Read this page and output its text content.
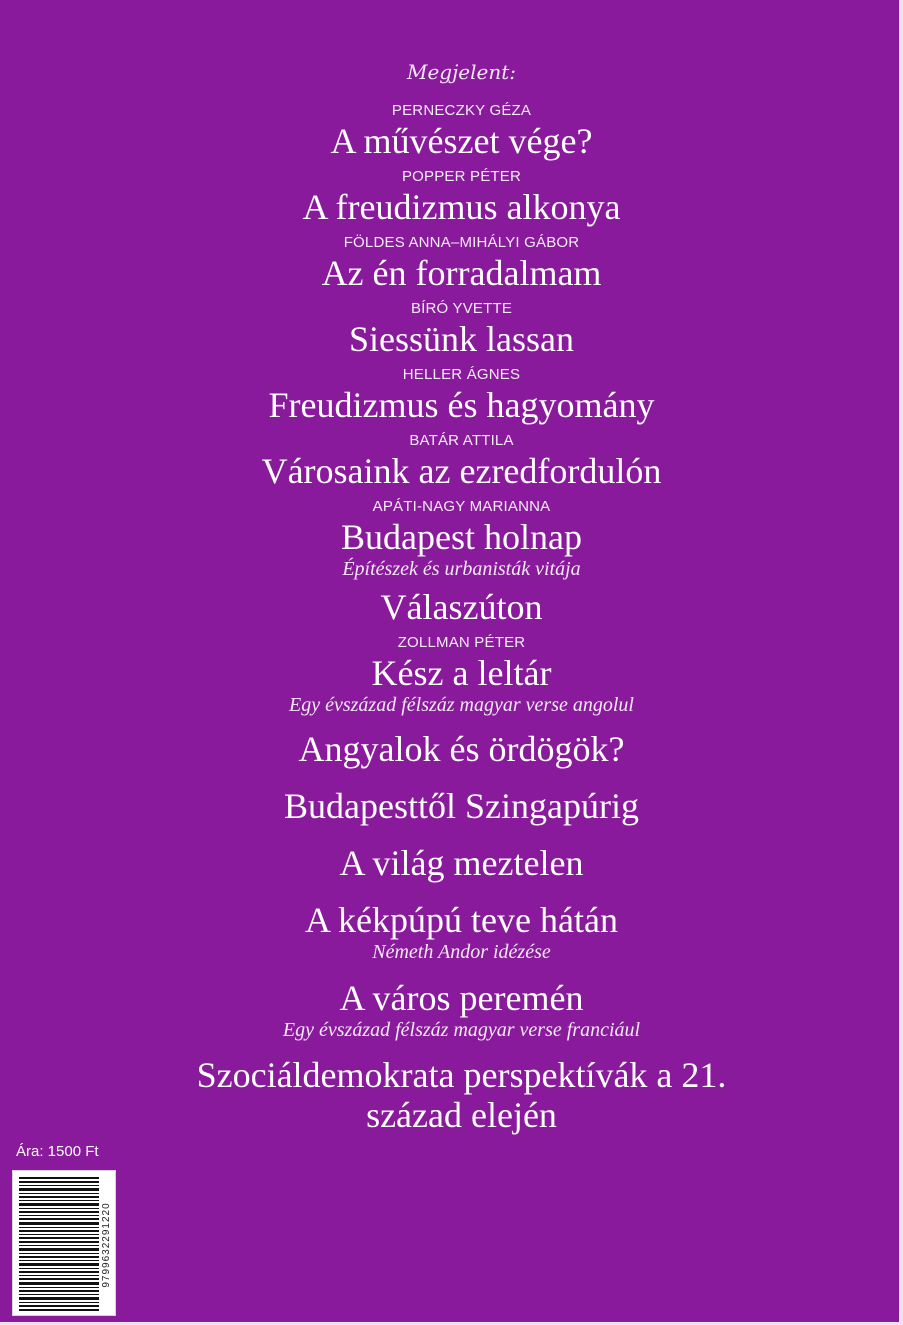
Megjelent:
PERNECZKY GÉZA
A művészet vége?
POPPER PÉTER
A freudizmus alkonya
FÖLDES ANNA–MIHÁLYI GÁBOR
Az én forradalmam
BÍRÓ YVETTE
Siessünk lassan
HELLER ÁGNES
Freudizmus és hagyomány
BATÁR ATTILA
Városaink az ezredfordulón
APÁTI-NAGY MARIANNA
Budapest holnap
Építészek és urbanisták vitája
Válaszúton
ZOLLMAN PÉTER
Kész a leltár
Egy évszázad félszáz magyar verse angolul
Angyalok és ördögök?
Budapesttől Szingapúrig
A világ meztelen
A kékpúpú teve hátán
Németh Andor idézése
A város peremén
Egy évszázad félszáz magyar verse franciául
Szociáldemokrata perspektívák a 21. század elején
Ára: 1500 Ft
9799632291220
